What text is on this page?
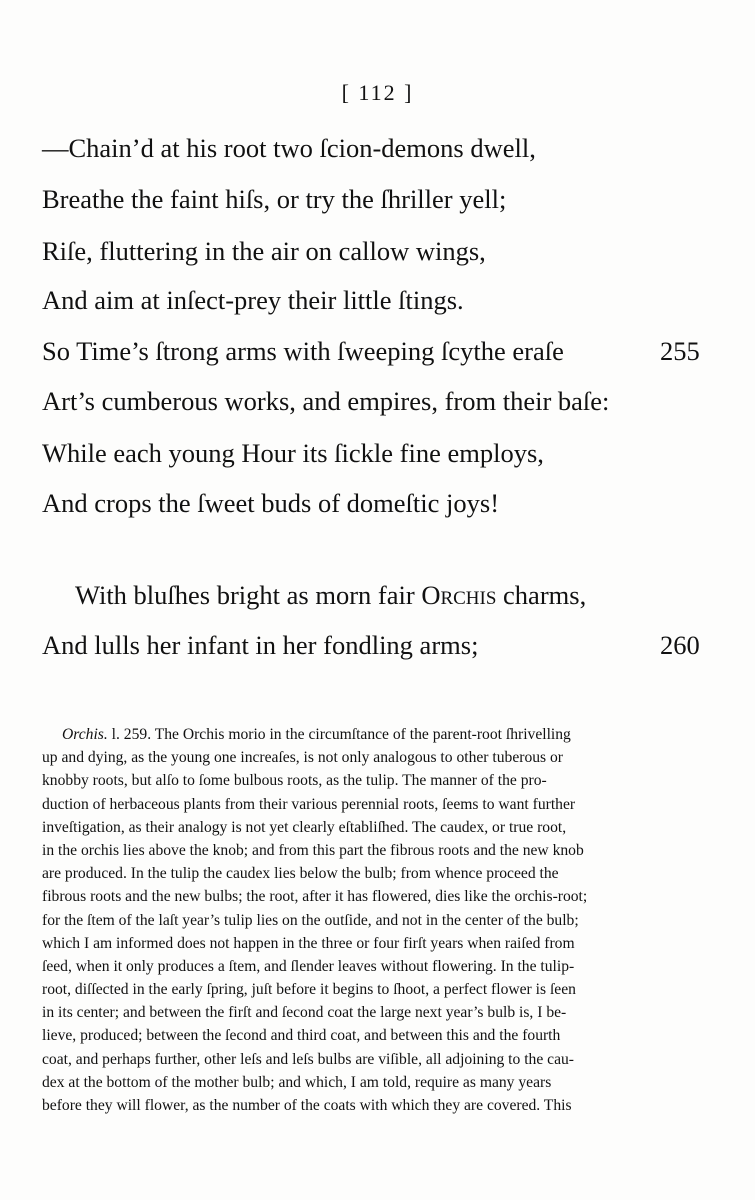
[ 112 ]
—Chain’d at his root two ſcion-demons dwell,
Breathe the faint hiſs, or try the ſhriller yell;
Riſe, fluttering in the air on callow wings,
And aim at inſect-prey their little ſtings.
So Time’s ſtrong arms with ſweeping ſcythe eraſe	255
Art’s cumberous works, and empires, from their baſe:
While each young Hour its ſickle fine employs,
And crops the ſweet buds of domeſtic joys!
With bluſhes bright as morn fair Orchis charms,
And lulls her infant in her fondling arms;	260
Orchis. l. 259. The Orchis morio in the circumſtance of the parent-root ſhrivelling
up and dying, as the young one increaſes, is not only analogous to other tuberous or
knobby roots, but alſo to ſome bulbous roots, as the tulip. The manner of the pro-
duction of herbaceous plants from their various perennial roots, ſeems to want further
inveſtigation, as their analogy is not yet clearly eſtabliſhed. The caudex, or true root,
in the orchis lies above the knob; and from this part the fibrous roots and the new knob
are produced. In the tulip the caudex lies below the bulb; from whence proceed the
fibrous roots and the new bulbs; the root, after it has flowered, dies like the orchis-root;
for the ſtem of the laſt year’s tulip lies on the outſide, and not in the center of the bulb;
which I am informed does not happen in the three or four firſt years when raiſed from
ſeed, when it only produces a ſtem, and ſlender leaves without flowering. In the tulip-
root, diſſected in the early ſpring, juſt before it begins to ſhoot, a perfect flower is ſeen
in its center; and between the firſt and ſecond coat the large next year’s bulb is, I be-
lieve, produced; between the ſecond and third coat, and between this and the fourth
coat, and perhaps further, other leſs and leſs bulbs are viſible, all adjoining to the cau-
dex at the bottom of the mother bulb; and which, I am told, require as many years
before they will flower, as the number of the coats with which they are covered. This
